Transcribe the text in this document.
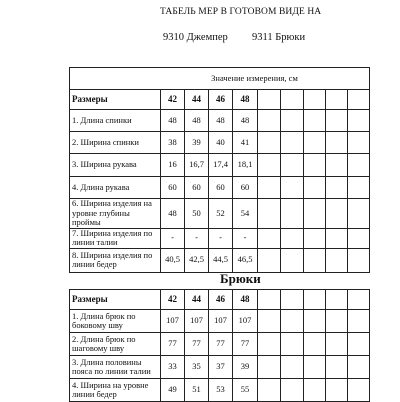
ТАБЕЛЬ МЕР В ГОТОВОМ ВИДЕ НА
9310 Джемпер 9311 Брюки
Значение измерения, см									

Размеры	42	44	46	48					
1. Длина спинки	48	48	48	48					
2. Ширина спинки	38	39	40	41					
3. Ширина рукава	16	16,7	17,4	18,1					
4. Длина рукава	60	60	60	60					
6. Ширина изделия на уровне глубины проймы	48	50	52	54					
7. Ширина изделия по линии талии	-	-	-	-					
8. Ширина изделия по линии бедер	40,5	42,5	44,5	46,5					
Брюки
Размеры	42	44	46	48					
1. Длина брюк по боковому шву	107	107	107	107					
2. Длина брюк по шаговому шву	77	77	77	77					
3. Длина половины пояса по линии талии	33	35	37	39					
4. Ширина на уровне линии бедер	49	51	53	55					
